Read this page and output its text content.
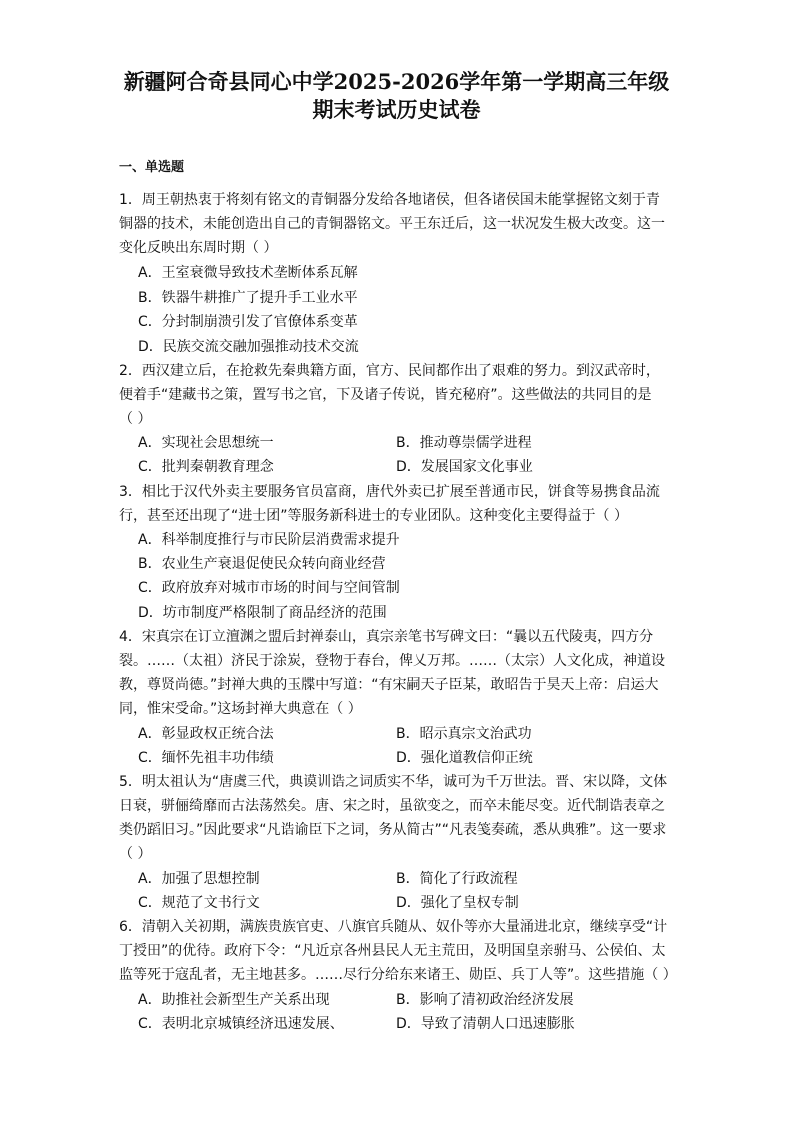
新疆阿合奇县同心中学2025-2026学年第一学期高三年级
期末考试历史试卷
一、单选题
1．周王朝热衷于将刻有铭文的青铜器分发给各地诸侯，但各诸侯国未能掌握铭文刻于青
铜器的技术，未能创造出自己的青铜器铭文。平王东迁后，这一状况发生极大改变。这一
变化反映出东周时期（ ）
A．王室衰微导致技术垄断体系瓦解
B．铁器牛耕推广了提升手工业水平
C．分封制崩溃引发了官僚体系变革
D．民族交流交融加强推动技术交流
2．西汉建立后，在抢救先秦典籍方面，官方、民间都作出了艰难的努力。到汉武帝时，
便着手“建藏书之策，置写书之官，下及诸子传说，皆充秘府”。这些做法的共同目的是
（ ）
A．实现社会思想统一	B．推动尊崇儒学进程
C．批判秦朝教育理念	D．发展国家文化事业
3．相比于汉代外卖主要服务官员富商，唐代外卖已扩展至普通市民，饼食等易携食品流
行，甚至还出现了“进士团”等服务新科进士的专业团队。这种变化主要得益于（ ）
A．科举制度推行与市民阶层消费需求提升
B．农业生产衰退促使民众转向商业经营
C．政府放弃对城市市场的时间与空间管制
D．坊市制度严格限制了商品经济的范围
4．宋真宗在订立澶渊之盟后封禅泰山，真宗亲笔书写碑文曰：“曩以五代陵夷，四方分
裂。……（太祖）济民于涂炭，登物于春台，俾乂万邦。……（太宗）人文化成，神道设
教，尊贤尚德。”封禅大典的玉牒中写道：“有宋嗣天子臣某，敢昭告于昊天上帝：启运大
同，惟宋受命。”这场封禅大典意在（ ）
A．彰显政权正统合法	B．昭示真宗文治武功
C．缅怀先祖丰功伟绩	D．强化道教信仰正统
5．明太祖认为“唐虞三代，典谟训诰之词质实不华，诚可为千万世法。晋、宋以降，文体
日衰，骈俪绮靡而古法荡然矣。唐、宋之时，虽欲变之，而卒未能尽变。近代制诰表章之
类仍蹈旧习。”因此要求“凡诰谕臣下之词，务从简古”“凡表笺奏疏，悉从典雅”。这一要求
（ ）
A．加强了思想控制	B．简化了行政流程
C．规范了文书行文	D．强化了皇权专制
6．清朝入关初期，满族贵族官吏、八旗官兵随从、奴仆等亦大量涌进北京，继续享受“计
丁授田”的优待。政府下令：“凡近京各州县民人无主荒田，及明国皇亲驸马、公侯伯、太
监等死于寇乱者，无主地甚多。……尽行分给东来诸王、勋臣、兵丁人等”。这些措施（ ）
A．助推社会新型生产关系出现	B．影响了清初政治经济发展
C．表明北京城镇经济迅速发展、	D．导致了清朝人口迅速膨胀
